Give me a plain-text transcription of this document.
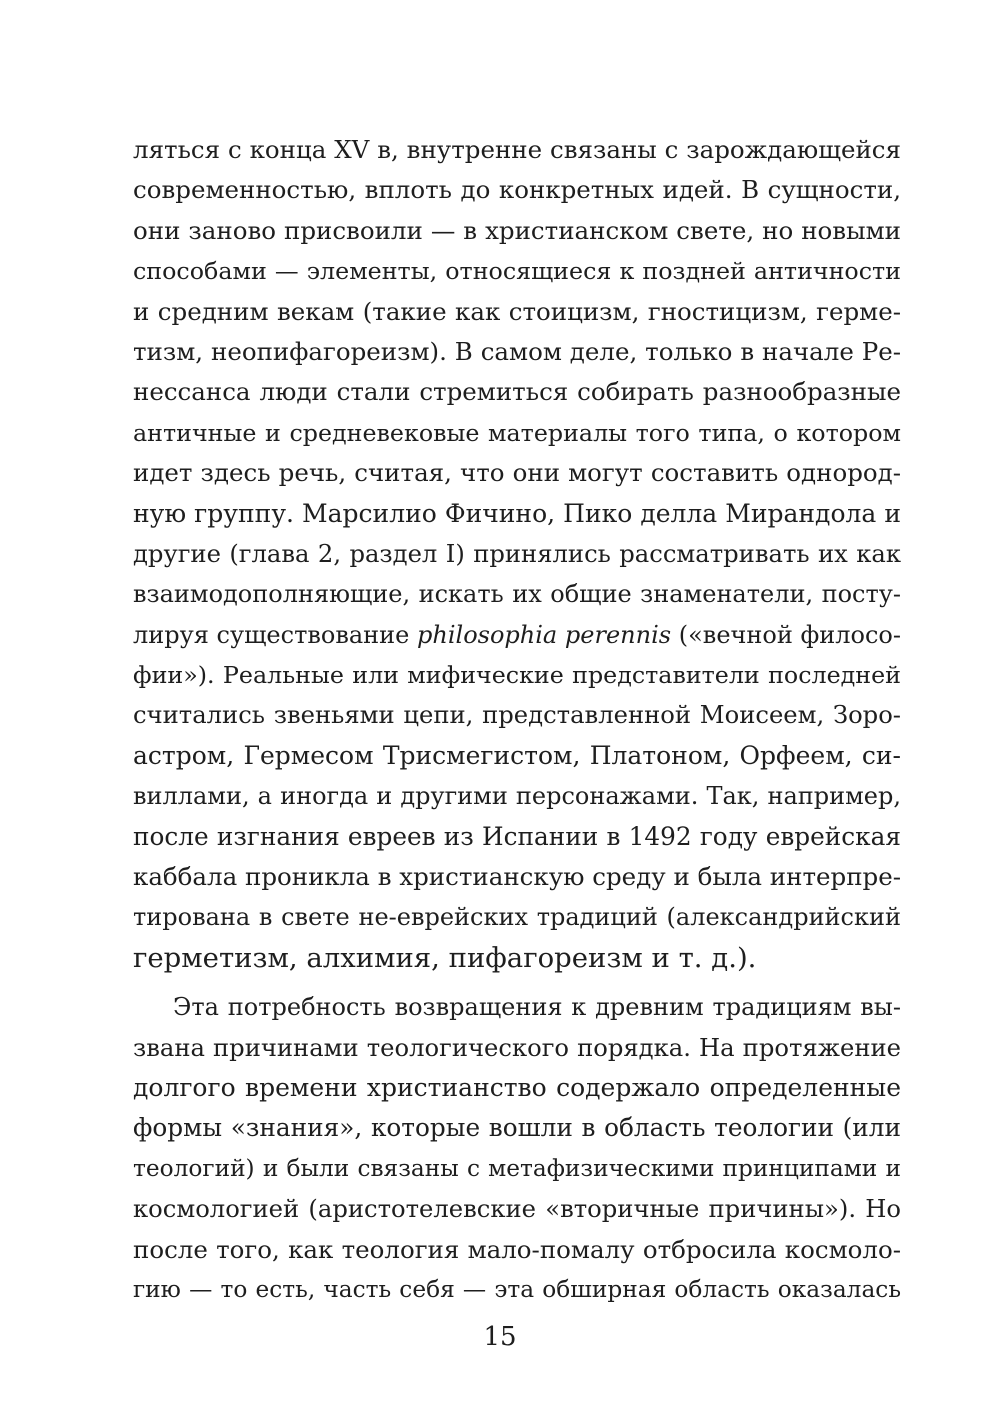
ляться с конца XV в, внутренне связаны с зарождающейся
современностью, вплоть до конкретных идей. В сущности,
они заново присвоили — в христианском свете, но новыми
способами — элементы, относящиеся к поздней античности
и средним векам (такие как стоицизм, гностицизм, герме-
тизм, неопифагореизм). В самом деле, только в начале Ре-
нессанса люди стали стремиться собирать разнообразные
античные и средневековые материалы того типа, о котором
идет здесь речь, считая, что они могут составить однород-
ную группу. Марсилио Фичино, Пико делла Мирандола и
другие (глава 2, раздел I) принялись рассматривать их как
взаимодополняющие, искать их общие знаменатели, посту-
лируя существование philosophia perennis («вечной филосо-
фии»). Реальные или мифические представители последней
считались звеньями цепи, представленной Моисеем, Зоро-
астром, Гермесом Трисмегистом, Платоном, Орфеем, си-
виллами, а иногда и другими персонажами. Так, например,
после изгнания евреев из Испании в 1492 году еврейская
каббала проникла в христианскую среду и была интерпре-
тирована в свете не-еврейских традиций (александрийский
герметизм, алхимия, пифагореизм и т. д.).
Эта потребность возвращения к древним традициям вы-
звана причинами теологического порядка. На протяжение
долгого времени христианство содержало определенные
формы «знания», которые вошли в область теологии (или
теологий) и были связаны с метафизическими принципами и
космологией (аристотелевские «вторичные причины»). Но
после того, как теология мало-помалу отбросила космоло-
гию — то есть, часть себя — эта обширная область оказалась
15
